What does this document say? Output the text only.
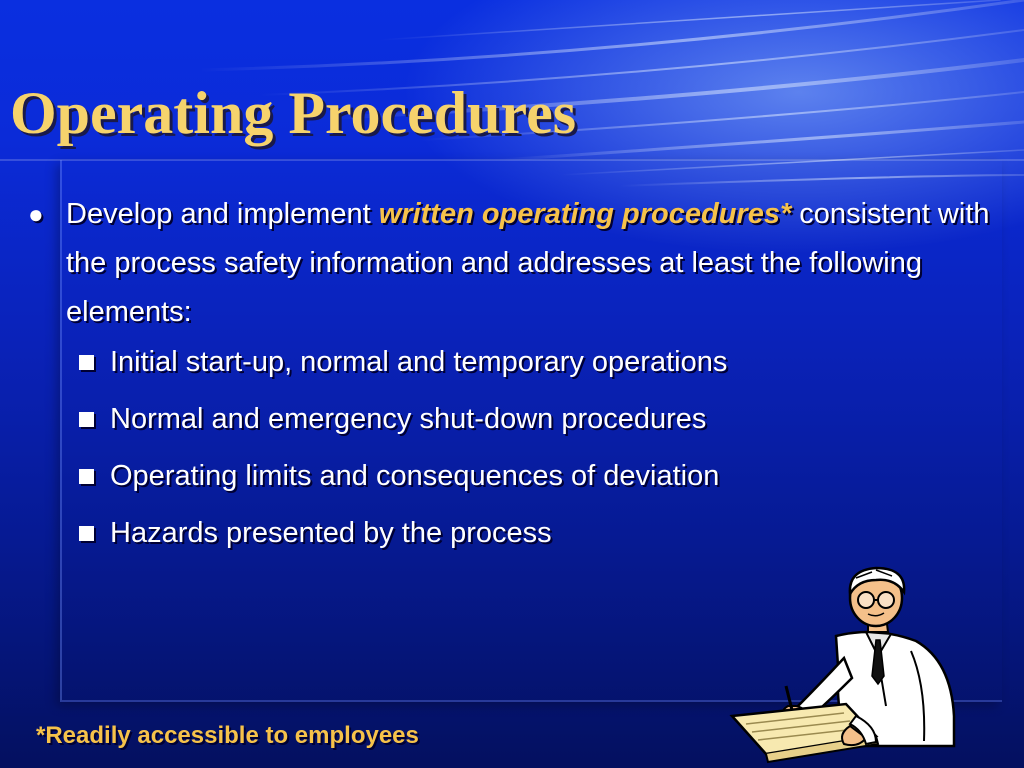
Operating Procedures
● Develop and implement written operating procedures* consistent with the process safety information and addresses at least the following elements:
Initial start-up, normal and temporary operations
Normal and emergency shut-down procedures
Operating limits and consequences of deviation
Hazards presented by the process
*Readily accessible to employees
